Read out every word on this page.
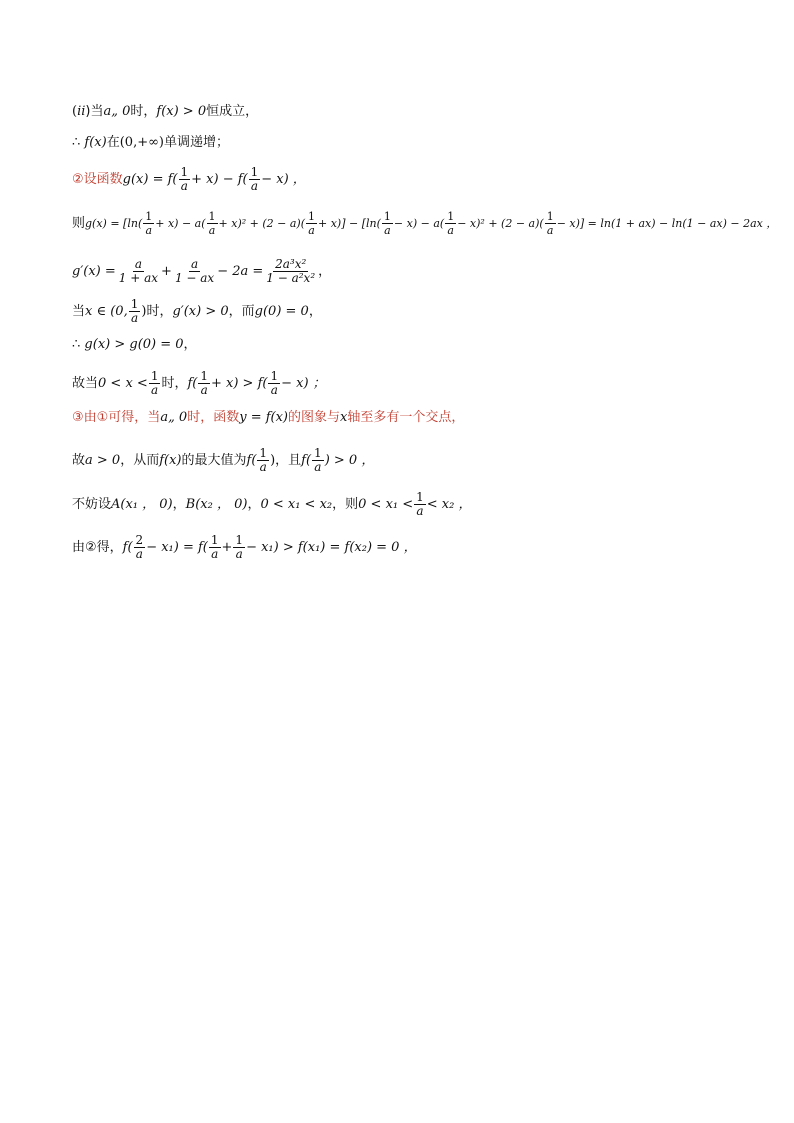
( ii )当 a„ 0 时， f(x) > 0 恒成立，
∴
f(x) 在 (0,+∞) 单调递增；
②设函数 $g(x) = f( \frac{1}{a} + x) - f( \frac{1}{a} - x)$ ，
则 $g(x) = [\ln( \frac{1}{a} + x) - a( \frac{1}{a} + x)^2 + (2 - a)( \frac{1}{a} + x)] - [\ln( \frac{1}{a} - x) - a( \frac{1}{a} - x)^2 + (2 - a)( \frac{1}{a} - x)] = \ln(1 + ax) - \ln(1 - ax) - 2ax$ ，
$g'(x) = \frac{a}{1 + ax} + \frac{a}{1 - ax} - 2a = \frac{\text{2a³x²}}{\text{1 − a²x²}}$ ，
当 x ∈ (0, $\frac{1}{a}$ ) 时， g′(x) > 0 ，而 g(0) = 0 ，
∴
g(x) > g(0) = 0 ，
故当 $0 < x < \frac{1}{a}$ 时， $f( \frac{1}{a} + x) > f( \frac{1}{a} - x)$ ；
③由①可得，当 a„ 0 时，函数 y = f(x) 的图象与 x 轴至多有一个交点，
故 a > 0 ，从而 f(x) 的最大值为 $f( \frac{1}{a}$ ) ，且 $f( \frac{1}{a}$ ) > 0 ，
不妨设 A(x₁ ， 0) ， B(x₂ ， 0) ， 0 < x₁ < x₂ ，则 $0 < x_1 < \frac{1}{a} < x_2$ ，
由②得， $f( \frac{2}{a} - x_1) = f( \frac{1}{a} + \frac{1}{a} - x_1) > f(x_1) = f(x_2) = 0$ ，
